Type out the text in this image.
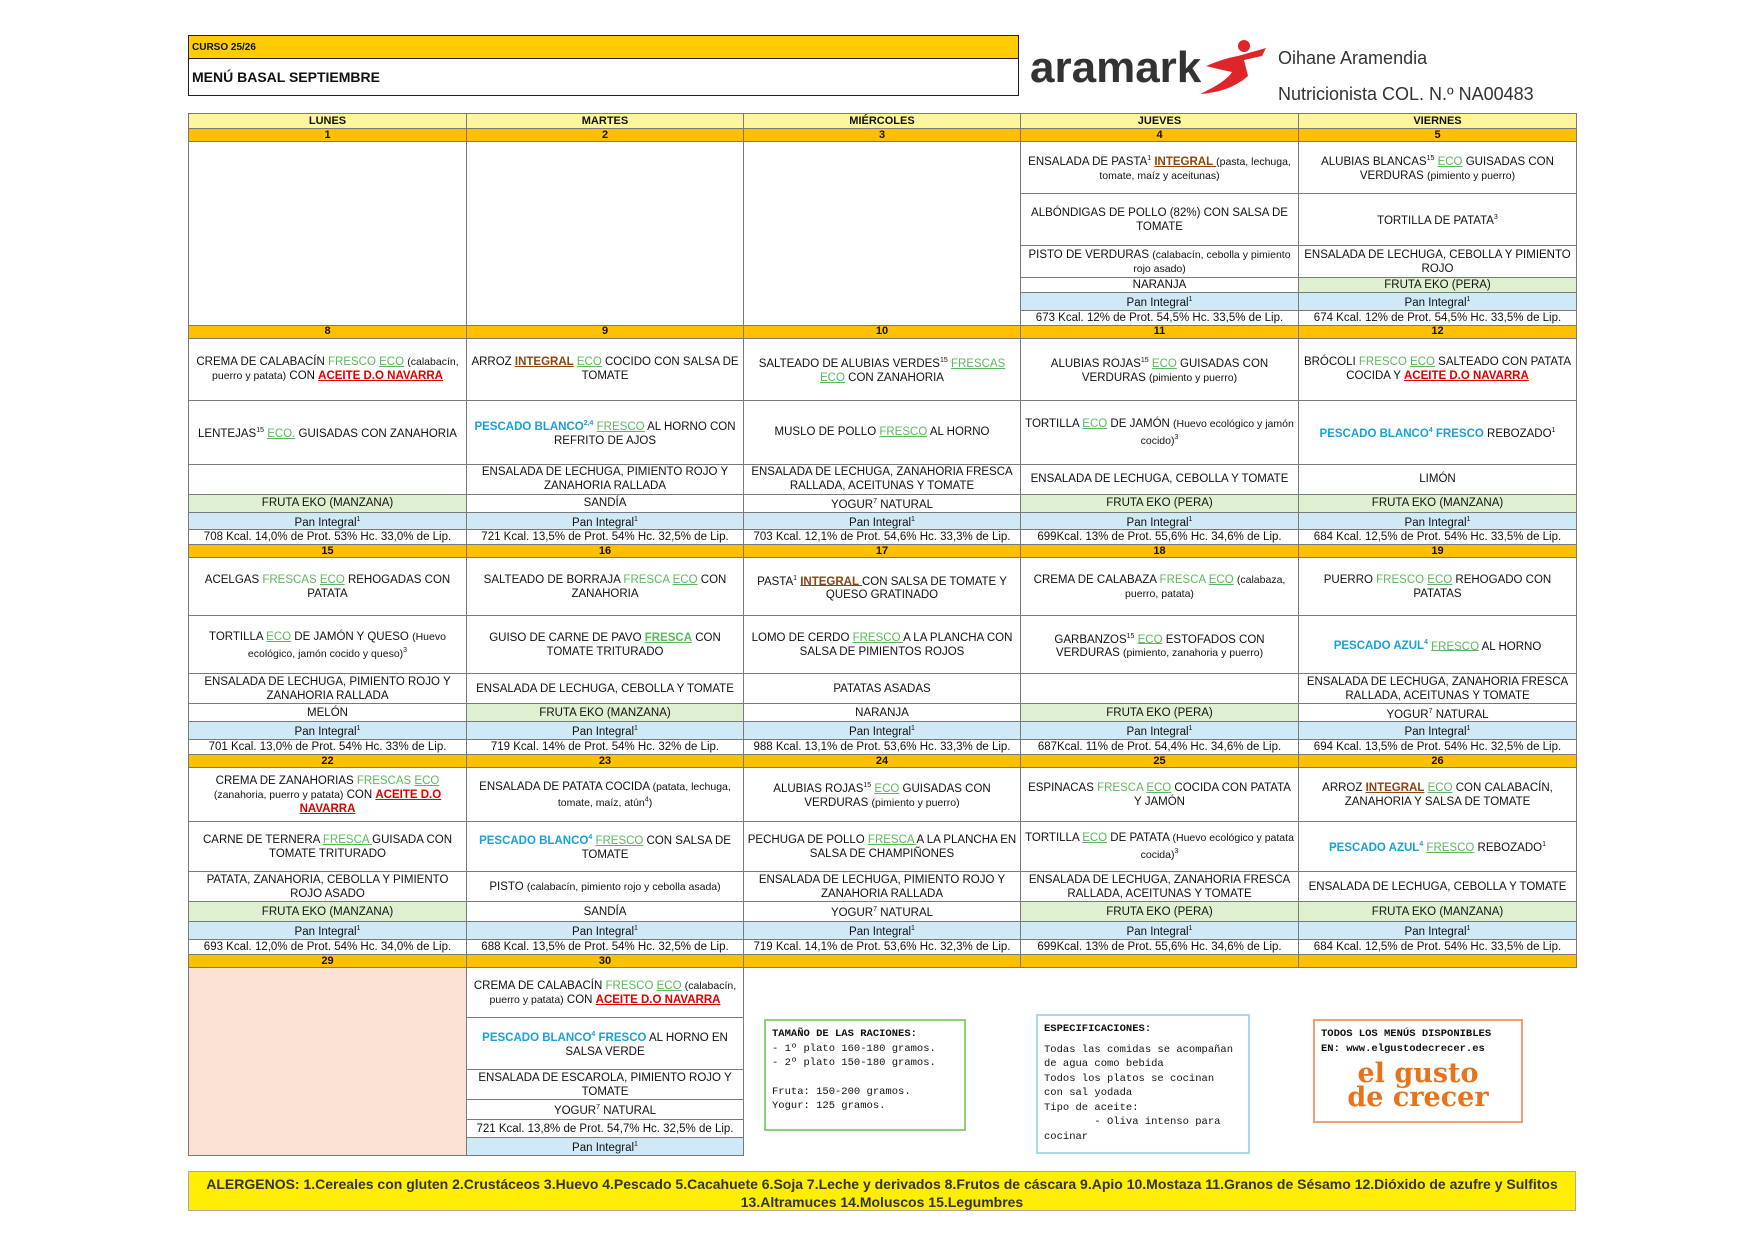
CURSO 25/26
MENÚ BASAL SEPTIEMBRE	aramark	Oihane Aramendia
Nutricionista COL. N.º NA00483
LUNES	MARTES	MIÉRCOLES	JUEVES	VIERNES
1	2	3	4	5
			ENSALADA DE PASTA$^1$ INTEGRAL (pasta, lechuga, tomate, maíz y aceitunas)	ALUBIAS BLANCAS$^{15}$ ECO GUISADAS CON VERDURAS (pimiento y puerro)
			ALBÓNDIGAS DE POLLO (82%) CON SALSA DE TOMATE	TORTILLA DE PATATA$^3$
			PISTO DE VERDURAS (calabacín, cebolla y pimiento rojo asado)	ENSALADA DE LECHUGA, CEBOLLA Y PIMIENTO ROJO
			NARANJA	FRUTA EKO (PERA)
			Pan Integral$^1$	Pan Integral$^1$
			673 Kcal. 12% de Prot. 54,5% Hc. 33,5% de Lip.	674 Kcal. 12% de Prot. 54,5% Hc. 33,5% de Lip.
8	9	10	11	12
CREMA DE CALABACÍN FRESCO ECO (calabacín, puerro y patata) CON ACEITE D.O NAVARRA	ARROZ INTEGRAL ECO COCIDO CON SALSA DE TOMATE	SALTEADO DE ALUBIAS VERDES$^{15}$ FRESCAS ECO CON ZANAHORIA	ALUBIAS ROJAS$^{15}$ ECO GUISADAS CON VERDURAS (pimiento y puerro)	BRÓCOLI FRESCO ECO SALTEADO CON PATATA COCIDA Y ACEITE D.O NAVARRA
LENTEJAS$^{15}$ ECO. GUISADAS CON ZANAHORIA	PESCADO BLANCO$^{2,4}$ FRESCO AL HORNO CON REFRITO DE AJOS	MUSLO DE POLLO FRESCO AL HORNO	TORTILLA ECO DE JAMÓN (Huevo ecológico y jamón cocido)$^3$	PESCADO BLANCO$^4$ FRESCO REBOZADO$^1$
	ENSALADA DE LECHUGA, PIMIENTO ROJO Y ZANAHORIA RALLADA	ENSALADA DE LECHUGA, ZANAHORIA FRESCA RALLADA, ACEITUNAS Y TOMATE	ENSALADA DE LECHUGA, CEBOLLA Y TOMATE	LIMÓN
FRUTA EKO (MANZANA)	SANDÍA	YOGUR$^7$ NATURAL	FRUTA EKO (PERA)	FRUTA EKO (MANZANA)
Pan Integral$^1$	Pan Integral$^1$	Pan Integral$^1$	Pan Integral$^1$	Pan Integral$^1$
708 Kcal. 14,0% de Prot. 53% Hc. 33,0% de Lip.	721 Kcal. 13,5% de Prot. 54% Hc. 32,5% de Lip.	703 Kcal. 12,1% de Prot. 54,6% Hc. 33,3% de Lip.	699Kcal. 13% de Prot. 55,6% Hc. 34,6% de Lip.	684 Kcal. 12,5% de Prot. 54% Hc. 33,5% de Lip.
15	16	17	18	19
ACELGAS FRESCAS ECO REHOGADAS CON PATATA	SALTEADO DE BORRAJA FRESCA ECO CON ZANAHORIA	PASTA$^1$ INTEGRAL CON SALSA DE TOMATE Y QUESO GRATINADO	CREMA DE CALABAZA FRESCA ECO (calabaza, puerro, patata)	PUERRO FRESCO ECO REHOGADO CON PATATAS
TORTILLA ECO DE JAMÓN Y QUESO (Huevo ecológico, jamón cocido y queso)$^3$	GUISO DE CARNE DE PAVO FRESCA CON TOMATE TRITURADO	LOMO DE CERDO FRESCO A LA PLANCHA CON SALSA DE PIMIENTOS ROJOS	GARBANZOS$^{15}$ ECO ESTOFADOS CON VERDURAS (pimiento, zanahoria y puerro)	PESCADO AZUL$^4$ FRESCO AL HORNO
ENSALADA DE LECHUGA, PIMIENTO ROJO Y ZANAHORIA RALLADA	ENSALADA DE LECHUGA, CEBOLLA Y TOMATE	PATATAS ASADAS		ENSALADA DE LECHUGA, ZANAHORIA FRESCA RALLADA, ACEITUNAS Y TOMATE
MELÓN	FRUTA EKO (MANZANA)	NARANJA	FRUTA EKO (PERA)	YOGUR$^7$ NATURAL
Pan Integral$^1$	Pan Integral$^1$	Pan Integral$^1$	Pan Integral$^1$	Pan Integral$^1$
701 Kcal. 13,0% de Prot. 54% Hc. 33% de Lip.	719 Kcal. 14% de Prot. 54% Hc. 32% de Lip.	988 Kcal. 13,1% de Prot. 53,6% Hc. 33,3% de Lip.	687Kcal. 11% de Prot. 54,4% Hc. 34,6% de Lip.	694 Kcal. 13,5% de Prot. 54% Hc. 32,5% de Lip.
22	23	24	25	26
CREMA DE ZANAHORIAS FRESCAS ECO (zanahoria, puerro y patata) CON ACEITE D.O NAVARRA	ENSALADA DE PATATA COCIDA (patata, lechuga, tomate, maíz, atún$^4$)	ALUBIAS ROJAS$^{15}$ ECO GUISADAS CON VERDURAS (pimiento y puerro)	ESPINACAS FRESCA ECO COCIDA CON PATATA Y JAMÓN	ARROZ INTEGRAL ECO CON CALABACÍN, ZANAHORIA Y SALSA DE TOMATE
CARNE DE TERNERA FRESCA GUISADA CON TOMATE TRITURADO	PESCADO BLANCO$^4$ FRESCO CON SALSA DE TOMATE	PECHUGA DE POLLO FRESCA A LA PLANCHA EN SALSA DE CHAMPIÑONES	TORTILLA ECO DE PATATA (Huevo ecológico y patata cocida)$^3$	PESCADO AZUL$^4$ FRESCO REBOZADO$^1$
PATATA, ZANAHORIA, CEBOLLA Y PIMIENTO ROJO ASADO	PISTO (calabacín, pimiento rojo y cebolla asada)	ENSALADA DE LECHUGA, PIMIENTO ROJO Y ZANAHORIA RALLADA	ENSALADA DE LECHUGA, ZANAHORIA FRESCA RALLADA, ACEITUNAS Y TOMATE	ENSALADA DE LECHUGA, CEBOLLA Y TOMATE
FRUTA EKO (MANZANA)	SANDÍA	YOGUR$^7$ NATURAL	FRUTA EKO (PERA)	FRUTA EKO (MANZANA)
Pan Integral$^1$	Pan Integral$^1$	Pan Integral$^1$	Pan Integral$^1$	Pan Integral$^1$
693 Kcal. 12,0% de Prot. 54% Hc. 34,0% de Lip.	688 Kcal. 13,5% de Prot. 54% Hc. 32,5% de Lip.	719 Kcal. 14,1% de Prot. 53,6% Hc. 32,3% de Lip.	699Kcal. 13% de Prot. 55,6% Hc. 34,6% de Lip.	684 Kcal. 12,5% de Prot. 54% Hc. 33,5% de Lip.
29	30			
	CREMA DE CALABACÍN FRESCO ECO (calabacín, puerro y patata) CON ACEITE D.O NAVARRA			
	PESCADO BLANCO$^4$ FRESCO AL HORNO EN SALSA VERDE			
	ENSALADA DE ESCAROLA, PIMIENTO ROJO Y TOMATE			
	YOGUR$^7$ NATURAL			
	721 Kcal. 13,8% de Prot. 54,7% Hc. 32,5% de Lip.			
	Pan Integral$^1$
TAMAÑO DE LAS RACIONES:
- 1º plato 160-180 gramos.
- 2º plato 150-180 gramos.
Fruta: 150-200 gramos.
Yogur: 125 gramos.
ESPECIFICACIONES:
Todas las comidas se acompañan
de agua como bebida
Todos los platos se cocinan
con sal yodada
Tipo de aceite:
- Oliva intenso para
cocinar
TODOS LOS MENÚS DISPONIBLES
EN: www.elgustodecrecer.es
el gusto
de crecer
ALERGENOS: 1.Cereales con gluten 2.Crustáceos 3.Huevo 4.Pescado 5.Cacahuete 6.Soja 7.Leche y derivados 8.Frutos de cáscara 9.Apio 10.Mostaza 11.Granos de Sésamo 12.Dióxido de azufre y Sulfitos 13.Altramuces 14.Moluscos 15.Legumbres
